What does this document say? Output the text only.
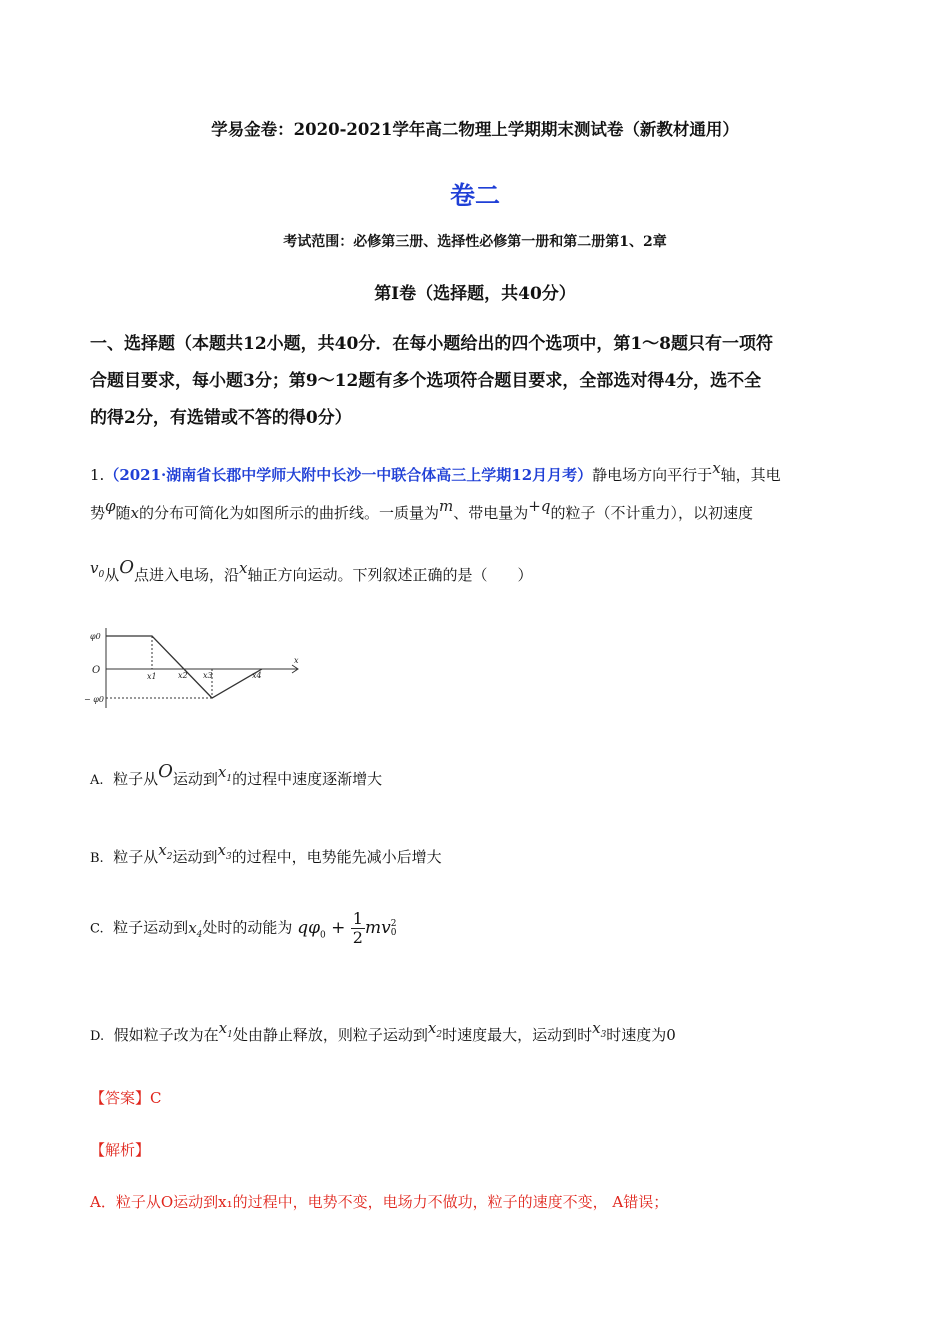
学易金卷：2020-2021学年高二物理上学期期末测试卷（新教材通用）
卷二
考试范围：必修第三册、选择性必修第一册和第二册第1、2章
第Ⅰ卷（选择题，共40分）
一、选择题（本题共12小题，共40分．在每小题给出的四个选项中，第1～8题只有一项符
合题目要求，每小题3分；第9～12题有多个选项符合题目要求，全部选对得4分，选不全
的得2分，有选错或不答的得0分）
1.（2021·湖南省长郡中学师大附中长沙一中联合体高三上学期12月月考）静电场方向平行于x轴，其电
势φ随x的分布可简化为如图所示的曲折线。一质量为m、带电量为+q的粒子（不计重力），以初速度
$v_0$从O点进入电场，沿x轴正方向运动。下列叙述正确的是（　　）
φ0
O
− φ0
x
x1	x2 x3	x4
A. 粒子从O运动到$x_1$的过程中速度逐渐增大
B. 粒子从$x_2$运动到$x_3$的过程中，电势能先减小后增大
C. 粒子运动到$x_4$处时的动能为 $q\varphi_0 + \frac{1}{2}$ mv 2
0
D. 假如粒子改为在$x_1$处由静止释放，则粒子运动到$x_2$时速度最大，运动到时$x_3$时速度为0
【答案】C
【解析】
A．粒子从O运动到x₁的过程中，电势不变，电场力不做功，粒子的速度不变， A错误；
